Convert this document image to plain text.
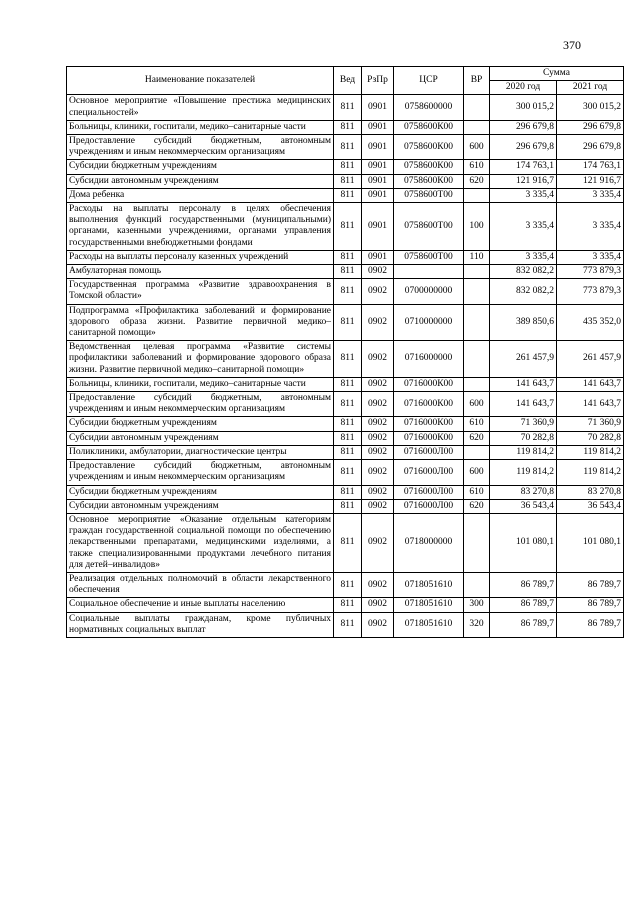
370
Наименование показателей	Вед	РзПр	ЦСР	ВР	Сумма	
					2020 год	2021 год
Основное мероприятие «Повышение престижа медицинских специальностей»	811	0901	0758600000		300 015,2	300 015,2
Больницы, клиники, госпитали, медико–санитарные части	811	0901	0758600К00		296 679,8	296 679,8
Предоставление субсидий бюджетным, автономным учреждениям и иным некоммерческим организациям	811	0901	0758600К00	600	296 679,8	296 679,8
Субсидии бюджетным учреждениям	811	0901	0758600К00	610	174 763,1	174 763,1
Субсидии автономным учреждениям	811	0901	0758600К00	620	121 916,7	121 916,7
Дома ребенка	811	0901	0758600Т00		3 335,4	3 335,4
Расходы на выплаты персоналу в целях обеспечения выполнения функций государственными (муниципальными) органами, казенными учреждениями, органами управления государственными внебюджетными фондами	811	0901	0758600Т00	100	3 335,4	3 335,4
Расходы на выплаты персоналу казенных учреждений	811	0901	0758600Т00	110	3 335,4	3 335,4
Амбулаторная помощь	811	0902			832 082,2	773 879,3
Государственная программа «Развитие здравоохранения в Томской области»	811	0902	0700000000		832 082,2	773 879,3
Подпрограмма «Профилактика заболеваний и формирование здорового образа жизни. Развитие первичной медико–санитарной помощи»	811	0902	0710000000		389 850,6	435 352,0
Ведомственная целевая программа «Развитие системы профилактики заболеваний и формирование здорового образа жизни. Развитие первичной медико–санитарной помощи»	811	0902	0716000000		261 457,9	261 457,9
Больницы, клиники, госпитали, медико–санитарные части	811	0902	0716000К00		141 643,7	141 643,7
Предоставление субсидий бюджетным, автономным учреждениям и иным некоммерческим организациям	811	0902	0716000К00	600	141 643,7	141 643,7
Субсидии бюджетным учреждениям	811	0902	0716000К00	610	71 360,9	71 360,9
Субсидии автономным учреждениям	811	0902	0716000К00	620	70 282,8	70 282,8
Поликлиники, амбулатории, диагностические центры	811	0902	0716000Л00		119 814,2	119 814,2
Предоставление субсидий бюджетным, автономным учреждениям и иным некоммерческим организациям	811	0902	0716000Л00	600	119 814,2	119 814,2
Субсидии бюджетным учреждениям	811	0902	0716000Л00	610	83 270,8	83 270,8
Субсидии автономным учреждениям	811	0902	0716000Л00	620	36 543,4	36 543,4
Основное мероприятие «Оказание отдельным категориям граждан государственной социальной помощи по обеспечению лекарственными препаратами, медицинскими изделиями, а также специализированными продуктами лечебного питания для детей–инвалидов»	811	0902	0718000000		101 080,1	101 080,1
Реализация отдельных полномочий в области лекарственного обеспечения	811	0902	0718051610		86 789,7	86 789,7
Социальное обеспечение и иные выплаты населению	811	0902	0718051610	300	86 789,7	86 789,7
Социальные выплаты гражданам, кроме публичных нормативных социальных выплат	811	0902	0718051610	320	86 789,7	86 789,7
